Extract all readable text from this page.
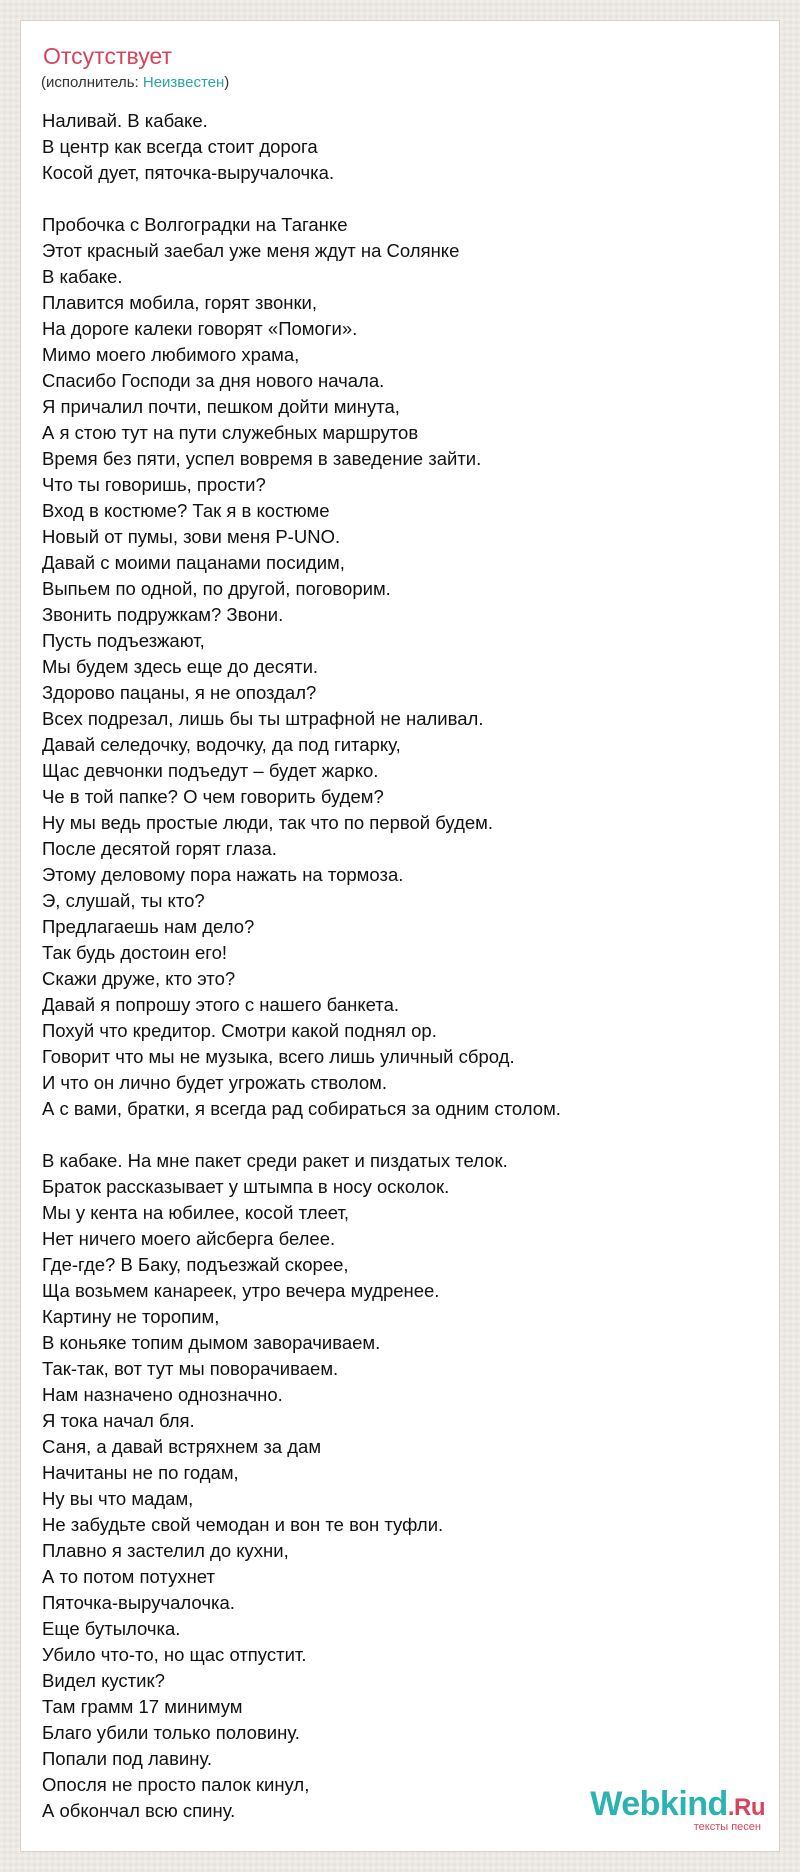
Отсутствует
(исполнитель: Неизвестен)
Наливай. В кабаке.
В центр как всегда стоит дорога
Косой дует, пяточка-выручалочка.
Пробочка с Волгоградки на Таганке
Этот красный заебал уже меня ждут на Солянке
В кабаке.
Плавится мобила, горят звонки,
На дороге калеки говорят «Помоги».
Мимо моего любимого храма,
Спасибо Господи за дня нового начала.
Я причалил почти, пешком дойти минута,
А я стою тут на пути служебных маршрутов
Время без пяти, успел вовремя в заведение зайти.
Что ты говоришь, прости?
Вход в костюме? Так я в костюме
Новый от пумы, зови меня P-UNO.
Давай с моими пацанами посидим,
Выпьем по одной, по другой, поговорим.
Звонить подружкам? Звони.
Пусть подъезжают,
Мы будем здесь еще до десяти.
Здорово пацаны, я не опоздал?
Всех подрезал, лишь бы ты штрафной не наливал.
Давай селедочку, водочку, да под гитарку,
Щас девчонки подъедут – будет жарко.
Че в той папке? О чем говорить будем?
Ну мы ведь простые люди, так что по первой будем.
После десятой горят глаза.
Этому деловому пора нажать на тормоза.
Э, слушай, ты кто?
Предлагаешь нам дело?
Так будь достоин его!
Скажи друже, кто это?
Давай я попрошу этого с нашего банкета.
Похуй что кредитор. Смотри какой поднял ор.
Говорит что мы не музыка, всего лишь уличный сброд.
И что он лично будет угрожать стволом.
А с вами, братки, я всегда рад собираться за одним столом.
В кабаке. На мне пакет среди ракет и пиздатых телок.
Браток рассказывает у штымпа в носу осколок.
Мы у кента на юбилее, косой тлеет,
Нет ничего моего айсберга белее.
Где-где? В Баку, подъезжай скорее,
Ща возьмем канареек, утро вечера мудренее.
Картину не торопим,
В коньяке топим дымом заворачиваем.
Так-так, вот тут мы поворачиваем.
Нам назначено однозначно.
Я тока начал бля.
Саня, а давай встряхнем за дам
Начитаны не по годам,
Ну вы что мадам,
Не забудьте свой чемодан и вон те вон туфли.
Плавно я застелил до кухни,
А то потом потухнет
Пяточка-выручалочка.
Еще бутылочка.
Убило что-то, но щас отпустит.
Видел кустик?
Там грамм 17 минимум
Благо убили только половину.
Попали под лавину.
Опосля не просто палок кинул,
А обкончал всю спину.	Webkind.Ru
тексты песен
